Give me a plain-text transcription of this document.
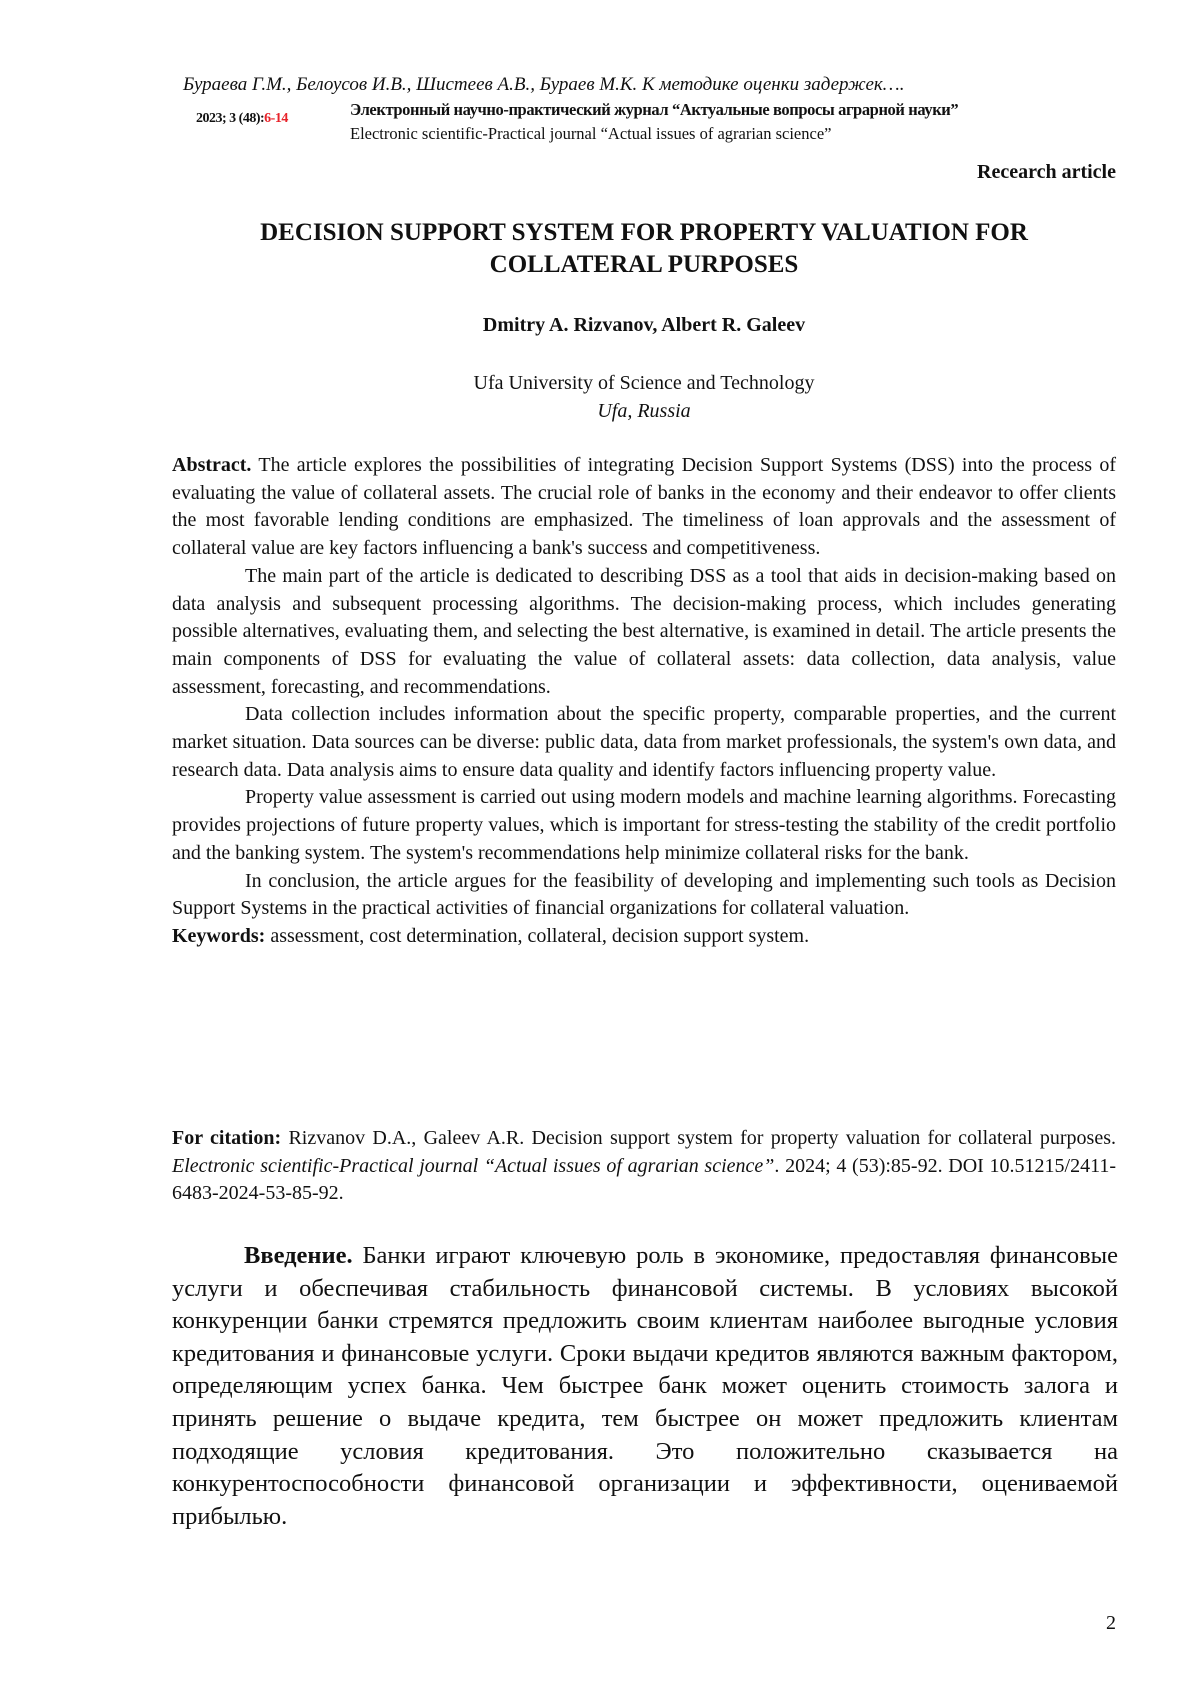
Бураева Г.М., Белоусов И.В., Шистеев А.В., Бураев М.К. К методике оценки задержек….
2023; 3 (48):6-14	Электронный научно-практический журнал “Актуальные вопросы аграрной науки”
Electronic scientific-Practical journal “Actual issues of agrarian science”
Recearch article
DECISION SUPPORT SYSTEM FOR PROPERTY VALUATION FOR COLLATERAL PURPOSES
Dmitry A. Rizvanov, Albert R. Galeev
Ufa University of Science and Technology
Ufa, Russia

Abstract. The article explores the possibilities of integrating Decision Support Systems (DSS) into the process of evaluating the value of collateral assets. The crucial role of banks in the economy and their endeavor to offer clients the most favorable lending conditions are emphasized. The timeliness of loan approvals and the assessment of collateral value are key factors influencing a bank's success and competitiveness.

The main part of the article is dedicated to describing DSS as a tool that aids in decision-making based on data analysis and subsequent processing algorithms. The decision-making process, which includes generating possible alternatives, evaluating them, and selecting the best alternative, is examined in detail. The article presents the main components of DSS for evaluating the value of collateral assets: data collection, data analysis, value assessment, forecasting, and recommendations.

Data collection includes information about the specific property, comparable properties, and the current market situation. Data sources can be diverse: public data, data from market professionals, the system's own data, and research data. Data analysis aims to ensure data quality and identify factors influencing property value.

Property value assessment is carried out using modern models and machine learning algorithms. Forecasting provides projections of future property values, which is important for stress-testing the stability of the credit portfolio and the banking system. The system's recommendations help minimize collateral risks for the bank.

In conclusion, the article argues for the feasibility of developing and implementing such tools as Decision Support Systems in the practical activities of financial organizations for collateral valuation.

Keywords: assessment, cost determination, collateral, decision support system.

For citation: Rizvanov D.A., Galeev A.R. Decision support system for property valuation for collateral purposes. Electronic scientific-Practical journal “Actual issues of agrarian science”. 2024; 4 (53):85-92. DOI 10.51215/2411-6483-2024-53-85-92.

Введение. Банки играют ключевую роль в экономике, предоставляя финансовые услуги и обеспечивая стабильность финансовой системы. В условиях высокой конкуренции банки стремятся предложить своим клиентам наиболее выгодные условия кредитования и финансовые услуги. Сроки выдачи кредитов являются важным фактором, определяющим успех банка. Чем быстрее банк может оценить стоимость залога и принять решение о выдаче кредита, тем быстрее он может предложить клиентам подходящие условия кредитования. Это положительно сказывается на конкурентоспособности финансовой организации и эффективности, оцениваемой прибылью.

2
